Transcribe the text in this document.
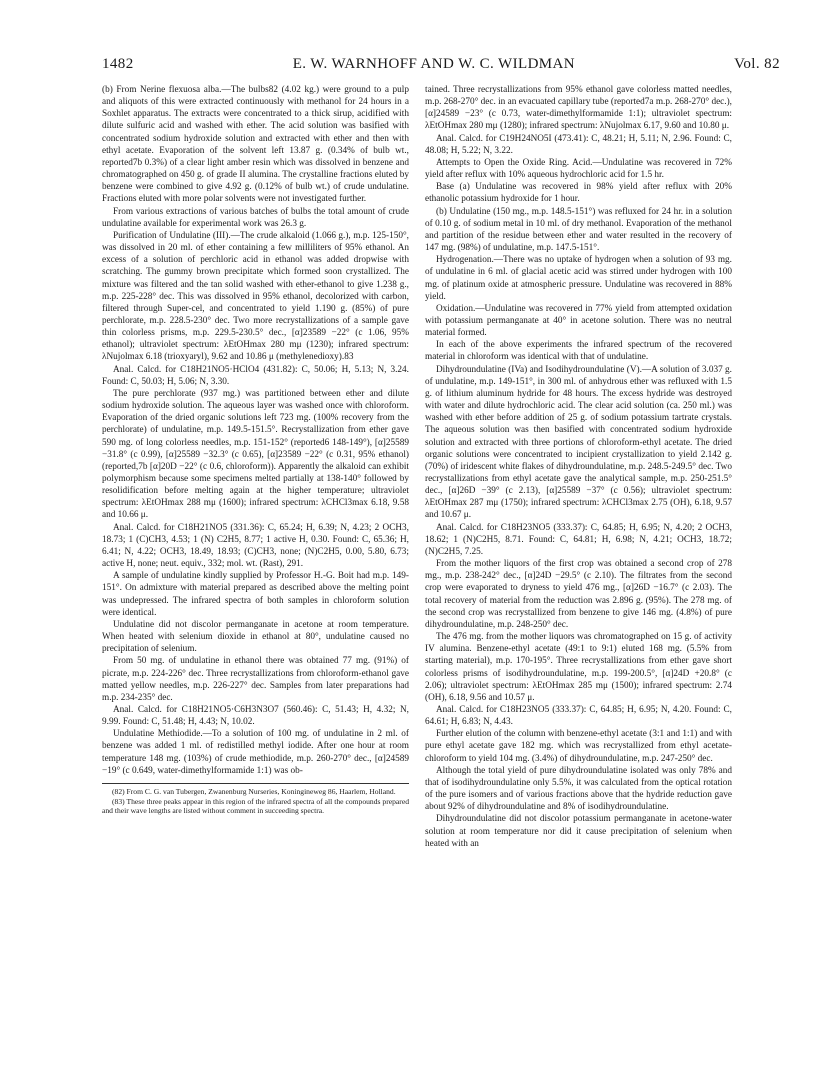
1482	E. W. WARNHOFF AND W. C. WILDMAN	Vol. 82

(b) From Nerine flexuosa alba.—The bulbs82 (4.02 kg.) were ground to a pulp and aliquots of this were extracted continuously with methanol for 24 hours in a Soxhlet apparatus. The extracts were concentrated to a thick sirup, acidified with dilute sulfuric acid and washed with ether. The acid solution was basified with concentrated sodium hydroxide solution and extracted with ether and then with ethyl acetate. Evaporation of the solvent left 13.87 g. (0.34% of bulb wt., reported7b 0.3%) of a clear light amber resin which was dissolved in benzene and chromatographed on 450 g. of grade II alumina. The crystalline fractions eluted by benzene were combined to give 4.92 g. (0.12% of bulb wt.) of crude undulatine. Fractions eluted with more polar solvents were not investigated further.

From various extractions of various batches of bulbs the total amount of crude undulatine available for experimental work was 26.3 g.

Purification of Undulatine (III).—The crude alkaloid (1.066 g.), m.p. 125-150°, was dissolved in 20 ml. of ether containing a few milliliters of 95% ethanol. An excess of a solution of perchloric acid in ethanol was added dropwise with scratching. The gummy brown precipitate which formed soon crystallized. The mixture was filtered and the tan solid washed with ether-ethanol to give 1.238 g., m.p. 225-228° dec. This was dissolved in 95% ethanol, decolorized with carbon, filtered through Super-cel, and concentrated to yield 1.190 g. (85%) of pure perchlorate, m.p. 228.5-230° dec. Two more recrystallizations of a sample gave thin colorless prisms, m.p. 229.5-230.5° dec., [α]23589 −22° (c 1.06, 95% ethanol); ultraviolet spectrum: λEtOHmax 280 mμ (1230); infrared spectrum: λNujolmax 6.18 (trioxyaryl), 9.62 and 10.86 μ (methylenedioxy).83

Anal. Calcd. for C18H21NO5·HClO4 (431.82): C, 50.06; H, 5.13; N, 3.24. Found: C, 50.03; H, 5.06; N, 3.30.

The pure perchlorate (937 mg.) was partitioned between ether and dilute sodium hydroxide solution. The aqueous layer was washed once with chloroform. Evaporation of the dried organic solutions left 723 mg. (100% recovery from the perchlorate) of undulatine, m.p. 149.5-151.5°. Recrystallization from ether gave 590 mg. of long colorless needles, m.p. 151-152° (reported6 148-149°), [α]25589 −31.8° (c 0.99), [α]25589 −32.3° (c 0.65), [α]23589 −22° (c 0.31, 95% ethanol) (reported,7b [α]20D −22° (c 0.6, chloroform)). Apparently the alkaloid can exhibit polymorphism because some specimens melted partially at 138-140° followed by resolidification before melting again at the higher temperature; ultraviolet spectrum: λEtOHmax 288 mμ (1600); infrared spectrum: λCHCl3max 6.18, 9.58 and 10.66 μ.

Anal. Calcd. for C18H21NO5 (331.36): C, 65.24; H, 6.39; N, 4.23; 2 OCH3, 18.73; 1 (C)CH3, 4.53; 1 (N) C2H5, 8.77; 1 active H, 0.30. Found: C, 65.36; H, 6.41; N, 4.22; OCH3, 18.49, 18.93; (C)CH3, none; (N)C2H5, 0.00, 5.80, 6.73; active H, none; neut. equiv., 332; mol. wt. (Rast), 291.

A sample of undulatine kindly supplied by Professor H.-G. Boit had m.p. 149-151°. On admixture with material prepared as described above the melting point was undepressed. The infrared spectra of both samples in chloroform solution were identical.

Undulatine did not discolor permanganate in acetone at room temperature. When heated with selenium dioxide in ethanol at 80°, undulatine caused no precipitation of selenium.

From 50 mg. of undulatine in ethanol there was obtained 77 mg. (91%) of picrate, m.p. 224-226° dec. Three recrystallizations from chloroform-ethanol gave matted yellow needles, m.p. 226-227° dec. Samples from later preparations had m.p. 234-235° dec.

Anal. Calcd. for C18H21NO5·C6H3N3O7 (560.46): C, 51.43; H, 4.32; N, 9.99. Found: C, 51.48; H, 4.43; N, 10.02.

Undulatine Methiodide.—To a solution of 100 mg. of undulatine in 2 ml. of benzene was added 1 ml. of redistilled methyl iodide. After one hour at room temperature 148 mg. (103%) of crude methiodide, m.p. 260-270° dec., [α]24589 −19° (c 0.649, water-dimethylformamide 1:1) was ob-

(82) From C. G. van Tubergen, Zwanenburg Nurseries, Koningineweg 86, Haarlem, Holland.

(83) These three peaks appear in this region of the infrared spectra of all the compounds prepared and their wave lengths are listed without comment in succeeding spectra.

tained. Three recrystallizations from 95% ethanol gave colorless matted needles, m.p. 268-270° dec. in an evacuated capillary tube (reported7a m.p. 268-270° dec.), [α]24589 −23° (c 0.73, water-dimethylformamide 1:1); ultraviolet spectrum: λEtOHmax 280 mμ (1280); infrared spectrum: λNujolmax 6.17, 9.60 and 10.80 μ.

Anal. Calcd. for C19H24NO5I (473.41): C, 48.21; H, 5.11; N, 2.96. Found: C, 48.08; H, 5.22; N, 3.22.

Attempts to Open the Oxide Ring. Acid.—Undulatine was recovered in 72% yield after reflux with 10% aqueous hydrochloric acid for 1.5 hr.

Base (a) Undulatine was recovered in 98% yield after reflux with 20% ethanolic potassium hydroxide for 1 hour.

(b) Undulatine (150 mg., m.p. 148.5-151°) was refluxed for 24 hr. in a solution of 0.10 g. of sodium metal in 10 ml. of dry methanol. Evaporation of the methanol and partition of the residue between ether and water resulted in the recovery of 147 mg. (98%) of undulatine, m.p. 147.5-151°.

Hydrogenation.—There was no uptake of hydrogen when a solution of 93 mg. of undulatine in 6 ml. of glacial acetic acid was stirred under hydrogen with 100 mg. of platinum oxide at atmospheric pressure. Undulatine was recovered in 88% yield.

Oxidation.—Undulatine was recovered in 77% yield from attempted oxidation with potassium permanganate at 40° in acetone solution. There was no neutral material formed.

In each of the above experiments the infrared spectrum of the recovered material in chloroform was identical with that of undulatine.

Dihydroundulatine (IVa) and Isodihydroundulatine (V).—A solution of 3.037 g. of undulatine, m.p. 149-151°, in 300 ml. of anhydrous ether was refluxed with 1.5 g. of lithium aluminum hydride for 48 hours. The excess hydride was destroyed with water and dilute hydrochloric acid. The clear acid solution (ca. 250 ml.) was washed with ether before addition of 25 g. of sodium potassium tartrate crystals. The aqueous solution was then basified with concentrated sodium hydroxide solution and extracted with three portions of chloroform-ethyl acetate. The dried organic solutions were concentrated to incipient crystallization to yield 2.142 g. (70%) of iridescent white flakes of dihydroundulatine, m.p. 248.5-249.5° dec. Two recrystallizations from ethyl acetate gave the analytical sample, m.p. 250-251.5° dec., [α]26D −39° (c 2.13), [α]25589 −37° (c 0.56); ultraviolet spectrum: λEtOHmax 287 mμ (1750); infrared spectrum: λCHCl3max 2.75 (OH), 6.18, 9.57 and 10.67 μ.

Anal. Calcd. for C18H23NO5 (333.37): C, 64.85; H, 6.95; N, 4.20; 2 OCH3, 18.62; 1 (N)C2H5, 8.71. Found: C, 64.81; H, 6.98; N, 4.21; OCH3, 18.72; (N)C2H5, 7.25.

From the mother liquors of the first crop was obtained a second crop of 278 mg., m.p. 238-242° dec., [α]24D −29.5° (c 2.10). The filtrates from the second crop were evaporated to dryness to yield 476 mg., [α]26D −16.7° (c 2.03). The total recovery of material from the reduction was 2.896 g. (95%). The 278 mg. of the second crop was recrystallized from benzene to give 146 mg. (4.8%) of pure dihydroundulatine, m.p. 248-250° dec.

The 476 mg. from the mother liquors was chromatographed on 15 g. of activity IV alumina. Benzene-ethyl acetate (49:1 to 9:1) eluted 168 mg. (5.5% from starting material), m.p. 170-195°. Three recrystallizations from ether gave short colorless prisms of isodihydroundulatine, m.p. 199-200.5°, [α]24D +20.8° (c 2.06); ultraviolet spectrum: λEtOHmax 285 mμ (1500); infrared spectrum: 2.74 (OH), 6.18, 9.56 and 10.57 μ.

Anal. Calcd. for C18H23NO5 (333.37): C, 64.85; H, 6.95; N, 4.20. Found: C, 64.61; H, 6.83; N, 4.43.

Further elution of the column with benzene-ethyl acetate (3:1 and 1:1) and with pure ethyl acetate gave 182 mg. which was recrystallized from ethyl acetate-chloroform to yield 104 mg. (3.4%) of dihydroundulatine, m.p. 247-250° dec.

Although the total yield of pure dihydroundulatine isolated was only 78% and that of isodihydroundulatine only 5.5%, it was calculated from the optical rotation of the pure isomers and of various fractions above that the hydride reduction gave about 92% of dihydroundulatine and 8% of isodihydroundulatine.

Dihydroundulatine did not discolor potassium permanganate in acetone-water solution at room temperature nor did it cause precipitation of selenium when heated with an
